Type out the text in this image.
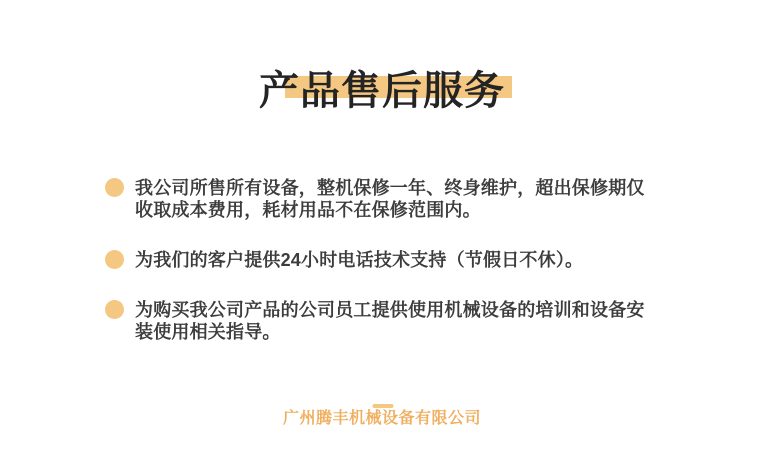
产品售后服务
我公司所售所有设备，整机保修一年、终身维护，超出保修期仅收取成本费用，耗材用品不在保修范围内。
为我们的客户提供24小时电话技术支持（节假日不休）。
为购买我公司产品的公司员工提供使用机械设备的培训和设备安装使用相关指导。
广州腾丰机械设备有限公司
